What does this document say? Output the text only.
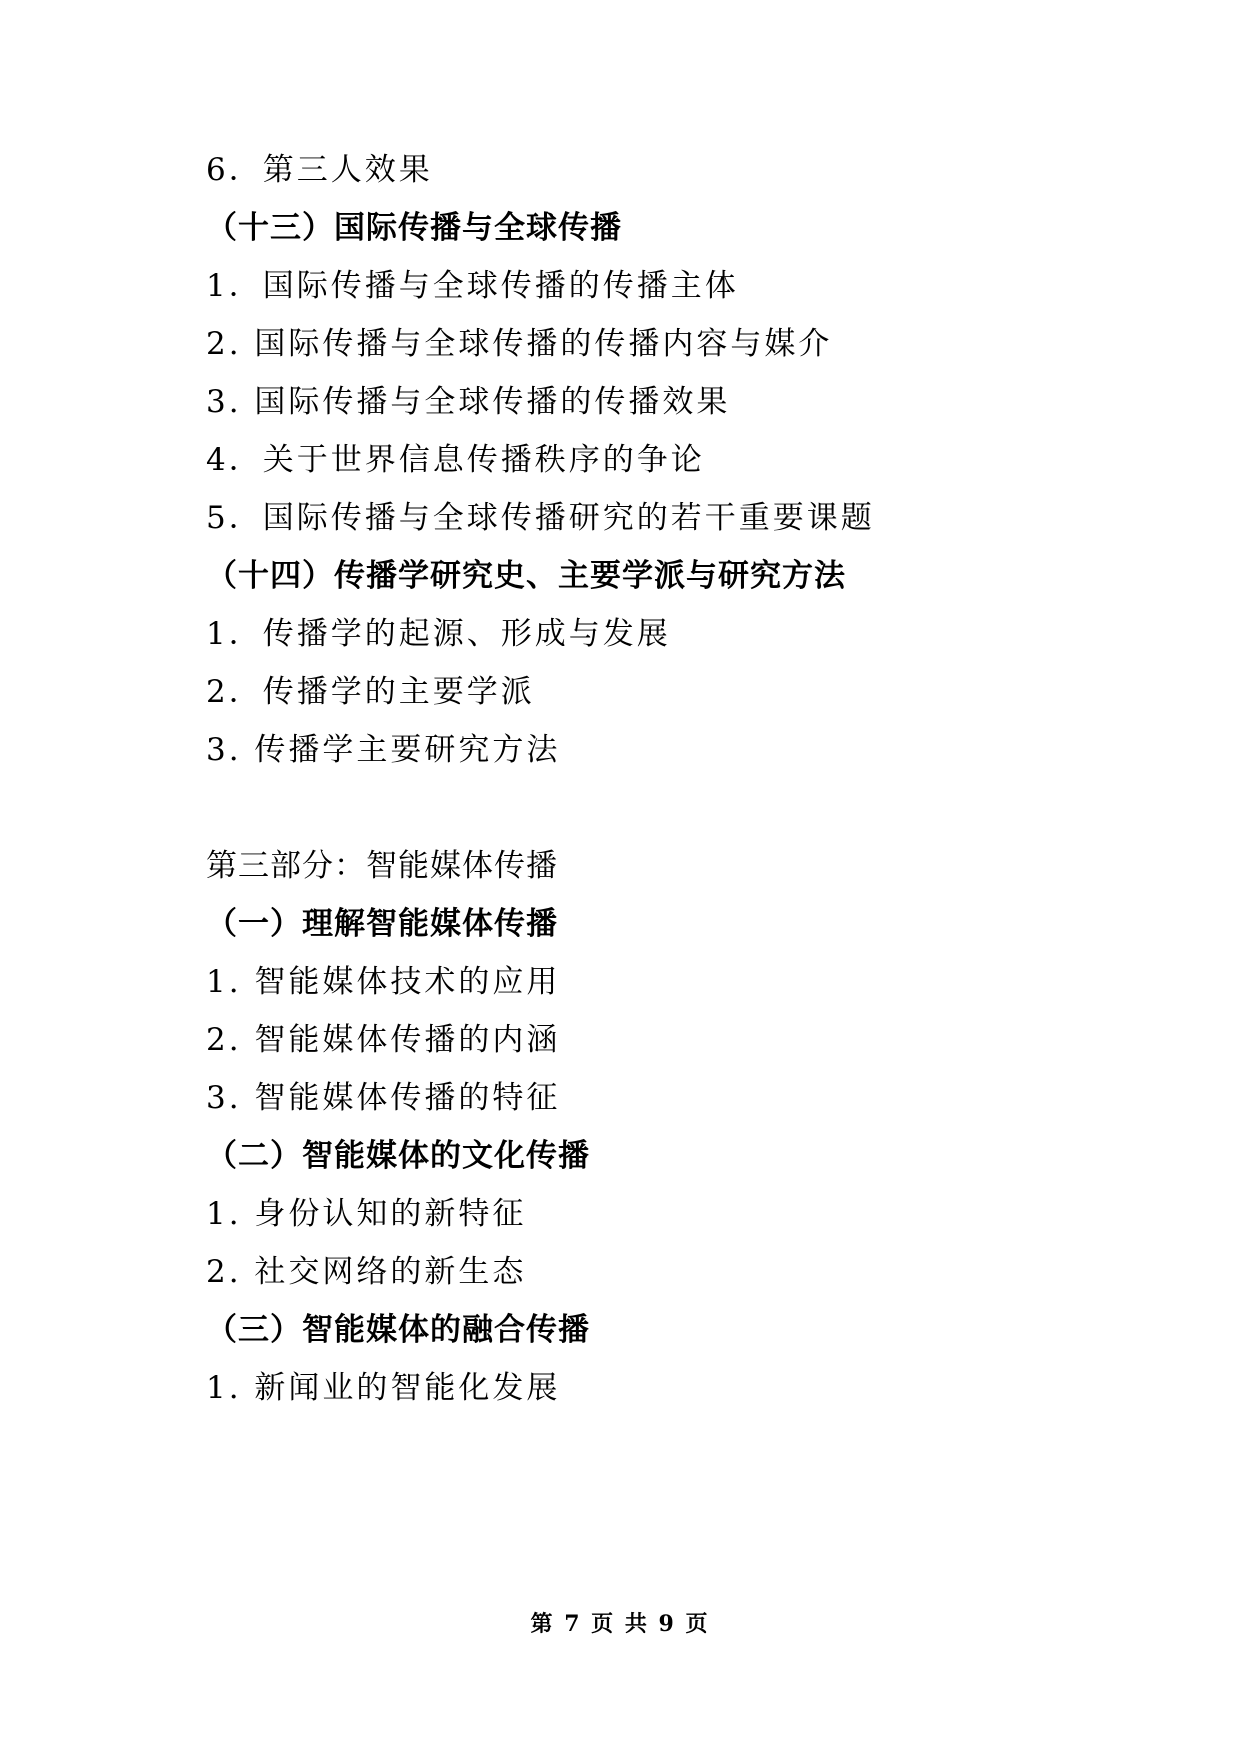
6．第三人效果
（十三）国际传播与全球传播
1．国际传播与全球传播的传播主体
2. 国际传播与全球传播的传播内容与媒介
3. 国际传播与全球传播的传播效果
4．关于世界信息传播秩序的争论
5．国际传播与全球传播研究的若干重要课题
（十四）传播学研究史、主要学派与研究方法
1．传播学的起源、形成与发展
2．传播学的主要学派
3. 传播学主要研究方法
第三部分：智能媒体传播
（一）理解智能媒体传播
1. 智能媒体技术的应用
2. 智能媒体传播的内涵
3. 智能媒体传播的特征
（二）智能媒体的文化传播
1. 身份认知的新特征
2. 社交网络的新生态
（三）智能媒体的融合传播
1. 新闻业的智能化发展
第 7 页 共 9 页
